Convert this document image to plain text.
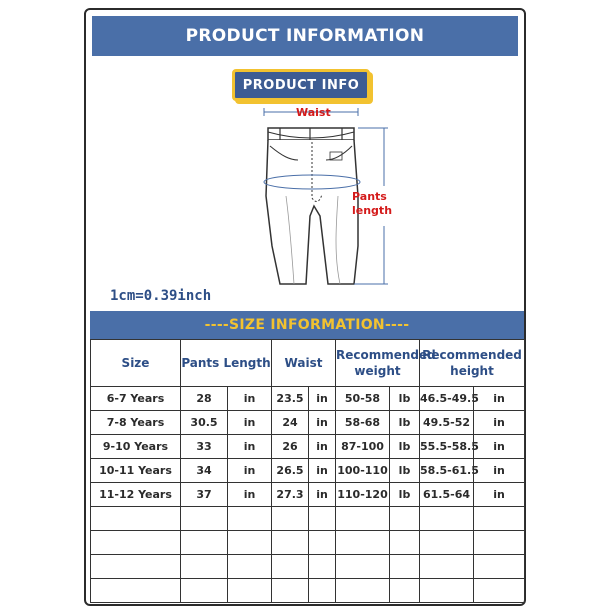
PRODUCT INFORMATION
PRODUCT INFO
Waist
Pants length
1cm=0.39inch
----SIZE INFORMATION----
Size	Pants Length		Waist		Recommended weight		Recommended height	
6-7 Years	28	in	23.5	in	50-58	lb	46.5-49.5	in
7-8 Years	30.5	in	24	in	58-68	lb	49.5-52	in
9-10 Years	33	in	26	in	87-100	lb	55.5-58.5	in
10-11 Years	34	in	26.5	in	100-110	lb	58.5-61.5	in
11-12 Years	37	in	27.3	in	110-120	lb	61.5-64	in
